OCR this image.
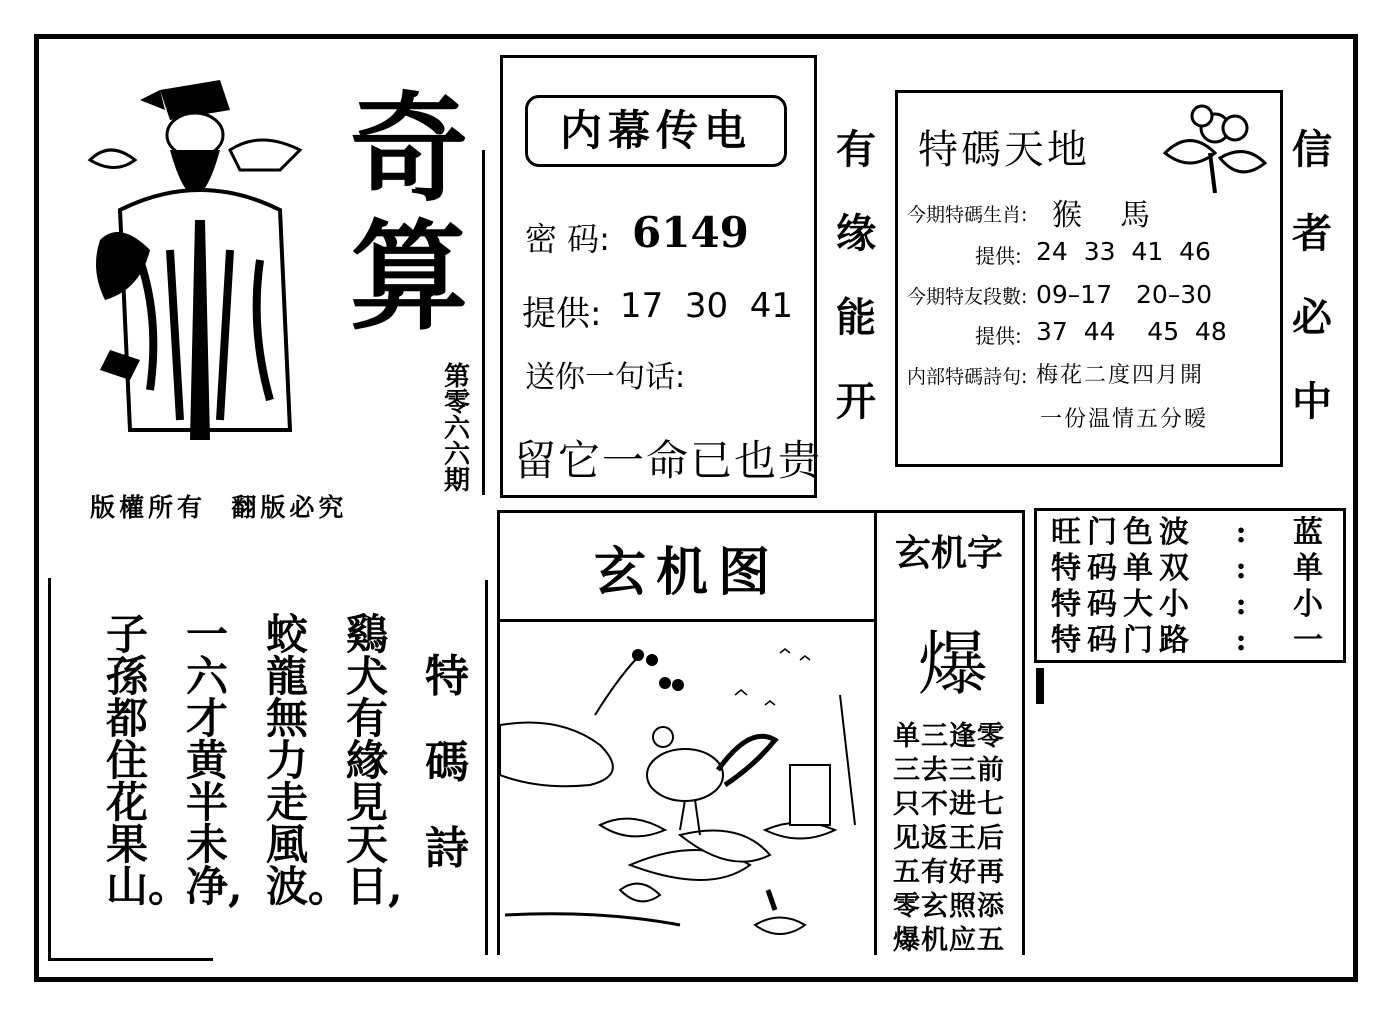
奇
算
第
零
六
六
期
版權所有  翻版必究
内幕传电
密 码: 6149
提供: 17  30  41
送你一句话:
留它一命已也贵
有
缘
能
开
特碼天地
今期特碼生肖: 猴    馬
提供: 24  33  41  46
今期特友段數: 09–17   20–30
提供: 37  44    45  48
内部特碼詩句: 梅花二度四月開
一份温情五分暧
信
者
必
中
玄机图	玄机字
爆
单三逢零
三去三前
只不进七
见返王后
五有好再
零玄照添
爆机应五
旺门色波 : 蓝
特码单双 : 单
特码大小 : 小
特码门路 : 一
特
碼
詩
鷄犬有緣見天日,
蛟龍無力走風波。
一六才黄半未净,
子孫都住花果山。
